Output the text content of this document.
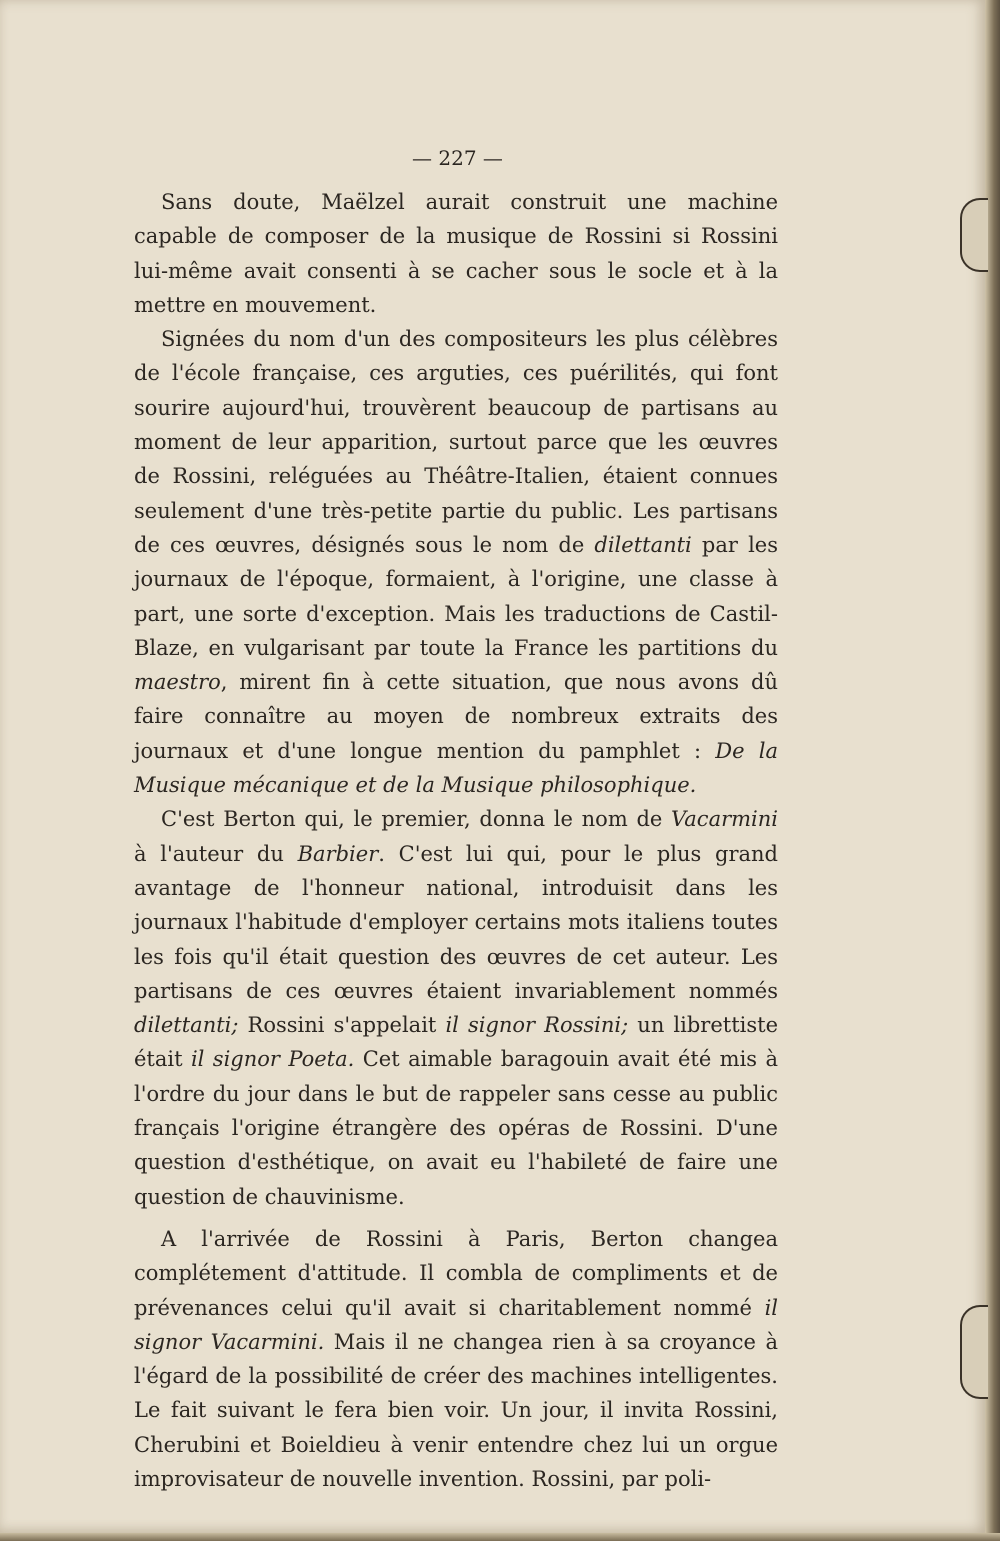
— 227 —

Sans doute, Maëlzel aurait construit une machine capable de composer de la musique de Rossini si Rossini lui-même avait consenti à se cacher sous le socle et à la mettre en mouvement.

Signées du nom d'un des compositeurs les plus célèbres de l'école française, ces arguties, ces puérilités, qui font sourire aujourd'hui, trouvèrent beaucoup de partisans au moment de leur apparition, surtout parce que les œuvres de Rossini, reléguées au Théâtre-Italien, étaient connues seulement d'une très-petite partie du public. Les partisans de ces œuvres, désignés sous le nom de dilettanti par les journaux de l'époque, formaient, à l'origine, une classe à part, une sorte d'exception. Mais les traductions de Castil-Blaze, en vulgarisant par toute la France les partitions du maestro, mirent fin à cette situation, que nous avons dû faire connaître au moyen de nombreux extraits des journaux et d'une longue mention du pamphlet : De la Musique mécanique et de la Musique philosophique.

C'est Berton qui, le premier, donna le nom de Vacarmini à l'auteur du Barbier. C'est lui qui, pour le plus grand avantage de l'honneur national, introduisit dans les journaux l'habitude d'employer certains mots italiens toutes les fois qu'il était question des œuvres de cet auteur. Les partisans de ces œuvres étaient invariablement nommés dilettanti; Rossini s'appelait il signor Rossini; un librettiste était il signor Poeta. Cet aimable baragouin avait été mis à l'ordre du jour dans le but de rappeler sans cesse au public français l'origine étrangère des opéras de Rossini. D'une question d'esthétique, on avait eu l'habileté de faire une question de chauvinisme.

A l'arrivée de Rossini à Paris, Berton changea complétement d'attitude. Il combla de compliments et de prévenances celui qu'il avait si charitablement nommé il signor Vacarmini. Mais il ne changea rien à sa croyance à l'égard de la possibilité de créer des machines intelligentes. Le fait suivant le fera bien voir. Un jour, il invita Rossini, Cherubini et Boieldieu à venir entendre chez lui un orgue improvisateur de nouvelle invention. Rossini, par poli-
